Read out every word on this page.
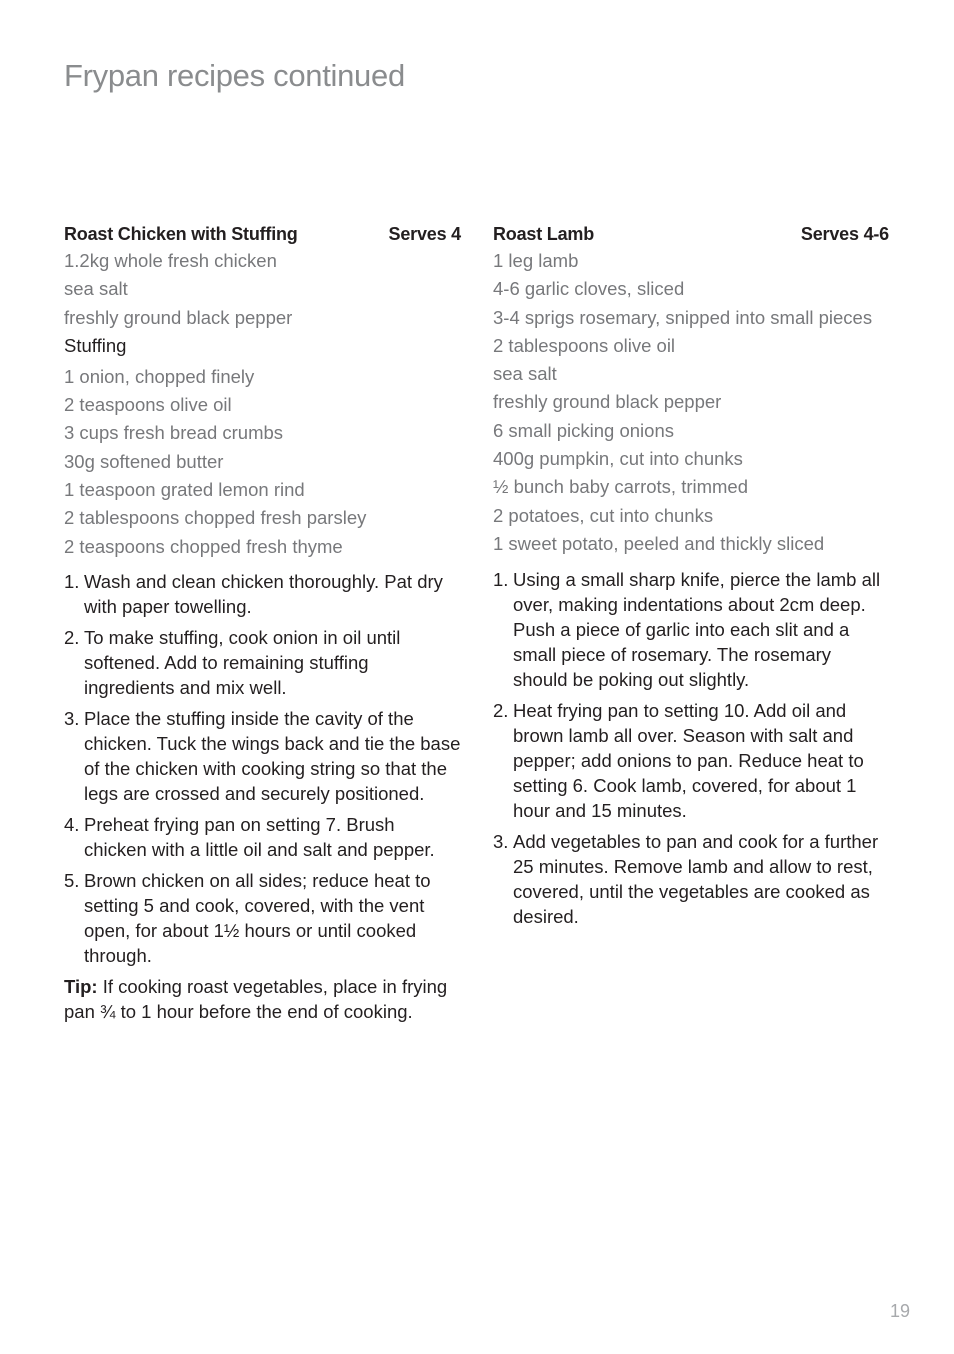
Frypan recipes continued
Roast Chicken with Stuffing	Serves 4
1.2kg whole fresh chicken
sea salt
freshly ground black pepper
Stuffing
1 onion, chopped finely
2 teaspoons olive oil
3 cups fresh bread crumbs
30g softened butter
1 teaspoon grated lemon rind
2 tablespoons chopped fresh parsley
2 teaspoons chopped fresh thyme
1. Wash and clean chicken thoroughly. Pat dry with paper towelling.
2. To make stuffing, cook onion in oil until softened. Add to remaining stuffing ingredients and mix well.
3. Place the stuffing inside the cavity of the chicken. Tuck the wings back and tie the base of the chicken with cooking string so that the legs are crossed and securely positioned.
4. Preheat frying pan on setting 7. Brush chicken with a little oil and salt and pepper.
5. Brown chicken on all sides; reduce heat to setting 5 and cook, covered, with the vent open, for about 1½ hours or until cooked through.
Tip: If cooking roast vegetables, place in frying pan ¾ to 1 hour before the end of cooking.
Roast Lamb	Serves 4-6
1 leg lamb
4-6 garlic cloves, sliced
3-4 sprigs rosemary, snipped into small pieces
2 tablespoons olive oil
sea salt
freshly ground black pepper
6 small picking onions
400g pumpkin, cut into chunks
½ bunch baby carrots, trimmed
2 potatoes, cut into chunks
1 sweet potato, peeled and thickly sliced
1. Using a small sharp knife, pierce the lamb all over, making indentations about 2cm deep. Push a piece of garlic into each slit and a small piece of rosemary. The rosemary should be poking out slightly.
2. Heat frying pan to setting 10. Add oil and brown lamb all over. Season with salt and pepper; add onions to pan. Reduce heat to setting 6. Cook lamb, covered, for about 1 hour and 15 minutes.
3. Add vegetables to pan and cook for a further 25 minutes. Remove lamb and allow to rest, covered, until the vegetables are cooked as desired.
19
